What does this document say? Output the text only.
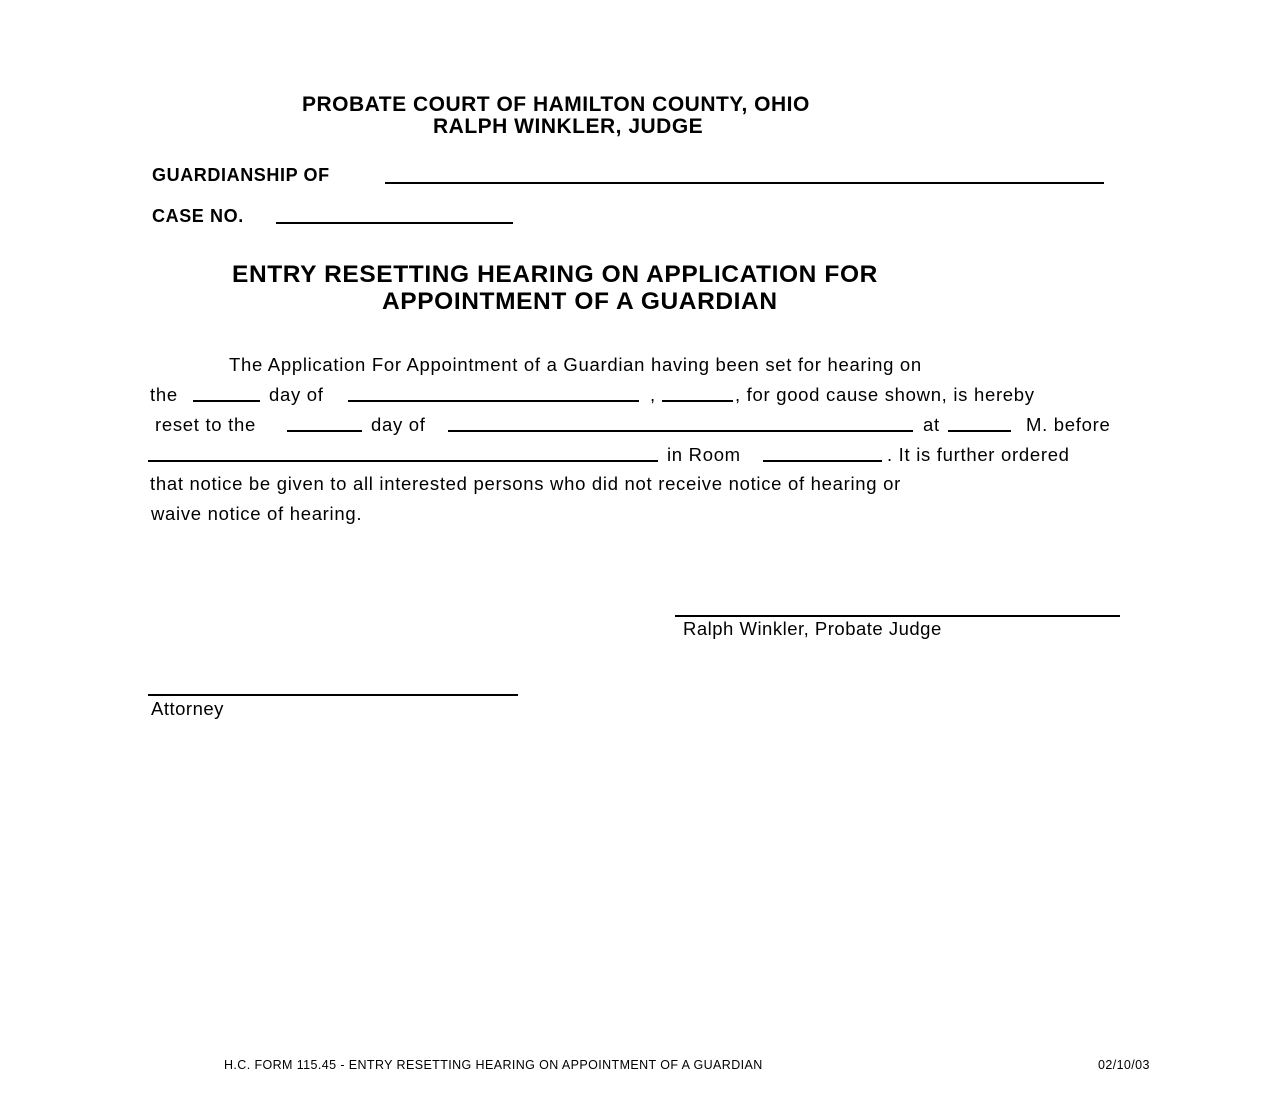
PROBATE COURT OF HAMILTON COUNTY, OHIO
RALPH WINKLER, JUDGE
GUARDIANSHIP OF
CASE NO.
ENTRY RESETTING HEARING ON APPLICATION FOR
APPOINTMENT OF A GUARDIAN
The Application For Appointment of a Guardian having been set for hearing on
the	day of	,	, for good cause shown, is hereby
reset to the	day of	at	M. before
in Room	. It is further ordered
that notice be given to all interested persons who did not receive notice of hearing or
waive notice of hearing.
Ralph Winkler, Probate Judge
Attorney
H.C. FORM 115.45 - ENTRY RESETTING HEARING ON APPOINTMENT OF A GUARDIAN	02/10/03
